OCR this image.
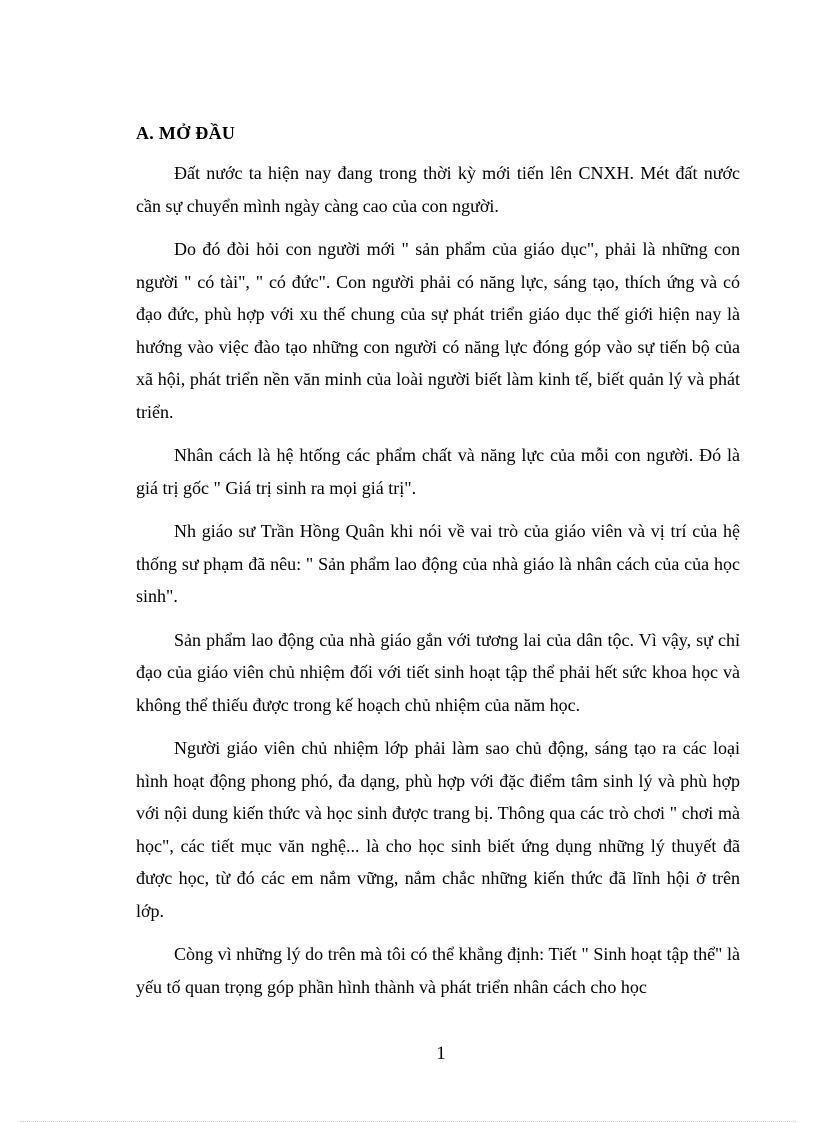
A. MỞ ĐẦU

Đất nước ta hiện nay đang trong thời kỳ mới tiến lên CNXH. Mét đất nước cần sự chuyển mình ngày càng cao của con người.

Do đó đòi hỏi con người mới " sản phẩm của giáo dục", phải là những con người " có tài", " có đức". Con người phải có năng lực, sáng tạo, thích ứng và có đạo đức, phù hợp với xu thế chung của sự phát triển giáo dục thế giới hiện nay là hướng vào việc đào tạo những con người có năng lực đóng góp vào sự tiến bộ của xã hội, phát triển nền văn minh của loài người biết làm kinh tế, biết quản lý và phát triển.

Nhân cách là hệ htống các phẩm chất và năng lực của mỗi con người. Đó là giá trị gốc " Giá trị sinh ra mọi giá trị".

Nh giáo sư Trần Hồng Quân khi nói về vai trò của giáo viên và vị trí của hệ thống sư phạm đã nêu: " Sản phẩm lao động của nhà giáo là nhân cách của của học sinh".

Sản phẩm lao động của nhà giáo gắn với tương lai của dân tộc. Vì vậy, sự chỉ đạo của giáo viên chủ nhiệm đối với tiết sinh hoạt tập thể phải hết sức khoa học và không thể thiếu được trong kế hoạch chủ nhiệm của năm học.

Người giáo viên chủ nhiệm lớp phải làm sao chủ động, sáng tạo ra các loại hình hoạt động phong phó, đa dạng, phù hợp với đặc điểm tâm sinh lý và phù hợp với nội dung kiến thức và học sinh được trang bị. Thông qua các trò chơi " chơi mà học", các tiết mục văn nghệ... là cho học sinh biết ứng dụng những lý thuyết đã được học, từ đó các em nắm vững, nắm chắc những kiến thức đã lĩnh hội ở trên lớp.

Còng vì những lý do trên mà tôi có thể khẳng định: Tiết " Sinh hoạt tập thể" là yếu tố quan trọng góp phần hình thành và phát triển nhân cách cho học

1
